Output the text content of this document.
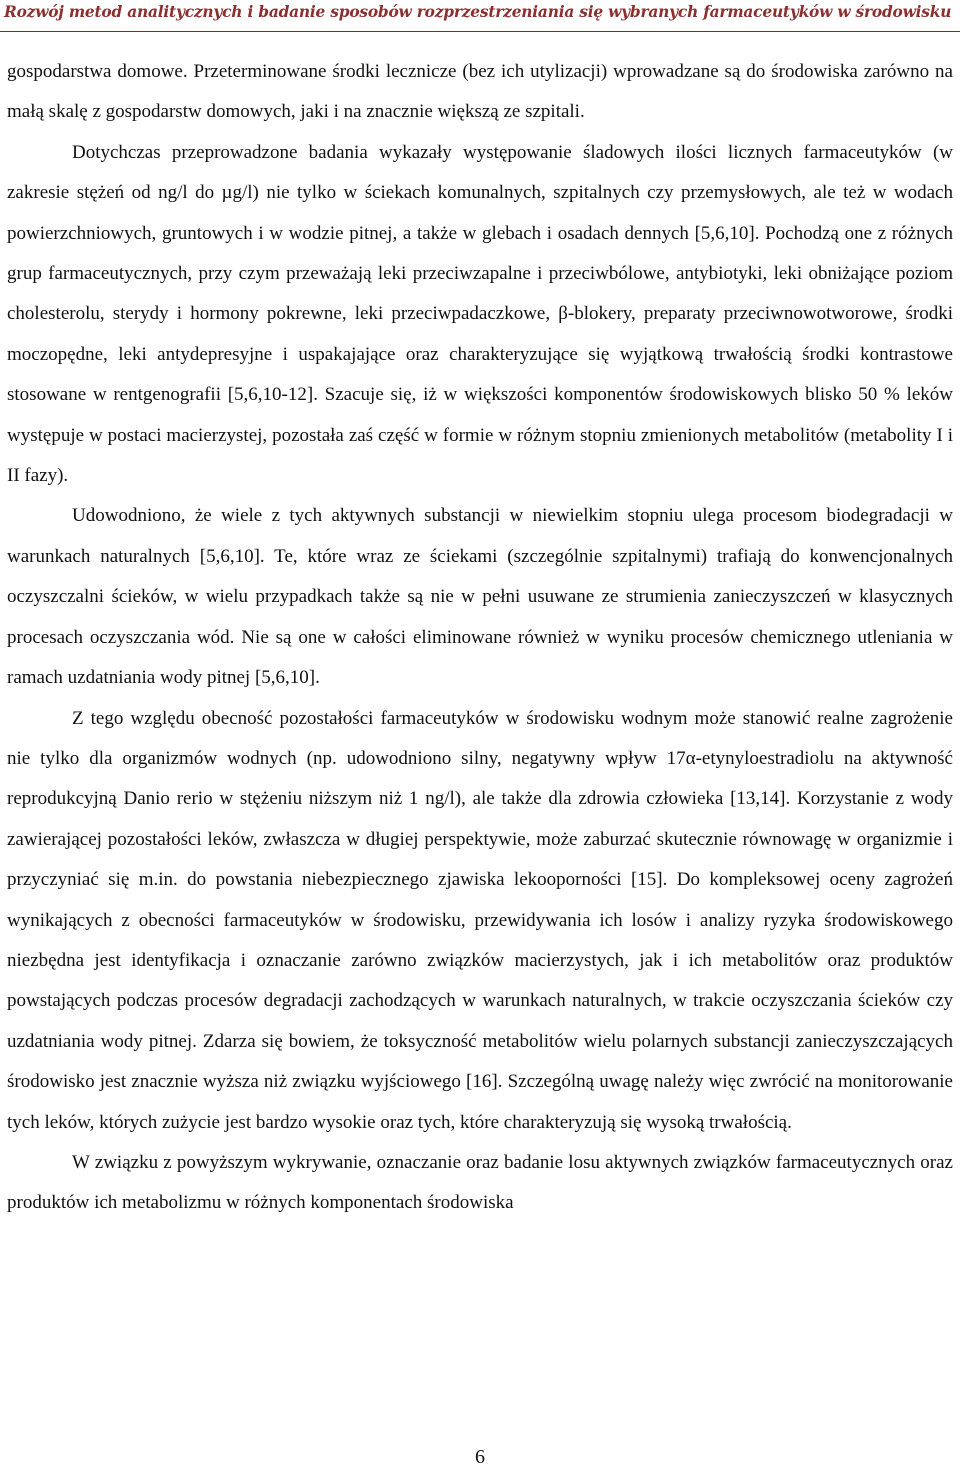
Rozwój metod analitycznych i badanie sposobów rozprzestrzeniania się wybranych farmaceutyków w środowisku

gospodarstwa domowe. Przeterminowane środki lecznicze (bez ich utylizacji) wprowadzane są do środowiska zarówno na małą skalę z gospodarstw domowych, jaki i na znacznie większą ze szpitali.

Dotychczas przeprowadzone badania wykazały występowanie śladowych ilości licznych farmaceutyków (w zakresie stężeń od ng/l do µg/l) nie tylko w ściekach komunalnych, szpitalnych czy przemysłowych, ale też w wodach powierzchniowych, gruntowych i w wodzie pitnej, a także w glebach i osadach dennych [5,6,10]. Pochodzą one z różnych grup farmaceutycznych, przy czym przeważają leki przeciwzapalne i przeciwbólowe, antybiotyki, leki obniżające poziom cholesterolu, sterydy i hormony pokrewne, leki przeciwpadaczkowe, β-blokery, preparaty przeciwnowotworowe, środki moczopędne, leki antydepresyjne i uspakajające oraz charakteryzujące się wyjątkową trwałością środki kontrastowe stosowane w rentgenografii [5,6,10-12]. Szacuje się, iż w większości komponentów środowiskowych blisko 50 % leków występuje w postaci macierzystej, pozostała zaś część w formie w różnym stopniu zmienionych metabolitów (metabolity I i II fazy).

Udowodniono, że wiele z tych aktywnych substancji w niewielkim stopniu ulega procesom biodegradacji w warunkach naturalnych [5,6,10]. Te, które wraz ze ściekami (szczególnie szpitalnymi) trafiają do konwencjonalnych oczyszczalni ścieków, w wielu przypadkach także są nie w pełni usuwane ze strumienia zanieczyszczeń w klasycznych procesach oczyszczania wód. Nie są one w całości eliminowane również w wyniku procesów chemicznego utleniania w ramach uzdatniania wody pitnej [5,6,10].

Z tego względu obecność pozostałości farmaceutyków w środowisku wodnym może stanowić realne zagrożenie nie tylko dla organizmów wodnych (np. udowodniono silny, negatywny wpływ 17α-etynyloestradiolu na aktywność reprodukcyjną Danio rerio w stężeniu niższym niż 1 ng/l), ale także dla zdrowia człowieka [13,14]. Korzystanie z wody zawierającej pozostałości leków, zwłaszcza w długiej perspektywie, może zaburzać skutecznie równowagę w organizmie i przyczyniać się m.in. do powstania niebezpiecznego zjawiska lekooporności [15]. Do kompleksowej oceny zagrożeń wynikających z obecności farmaceutyków w środowisku, przewidywania ich losów i analizy ryzyka środowiskowego niezbędna jest identyfikacja i oznaczanie zarówno związków macierzystych, jak i ich metabolitów oraz produktów powstających podczas procesów degradacji zachodzących w warunkach naturalnych, w trakcie oczyszczania ścieków czy uzdatniania wody pitnej. Zdarza się bowiem, że toksyczność metabolitów wielu polarnych substancji zanieczyszczających środowisko jest znacznie wyższa niż związku wyjściowego [16]. Szczególną uwagę należy więc zwrócić na monitorowanie tych leków, których zużycie jest bardzo wysokie oraz tych, które charakteryzują się wysoką trwałością.

W związku z powyższym wykrywanie, oznaczanie oraz badanie losu aktywnych związków farmaceutycznych oraz produktów ich metabolizmu w różnych komponentach środowiska

6
